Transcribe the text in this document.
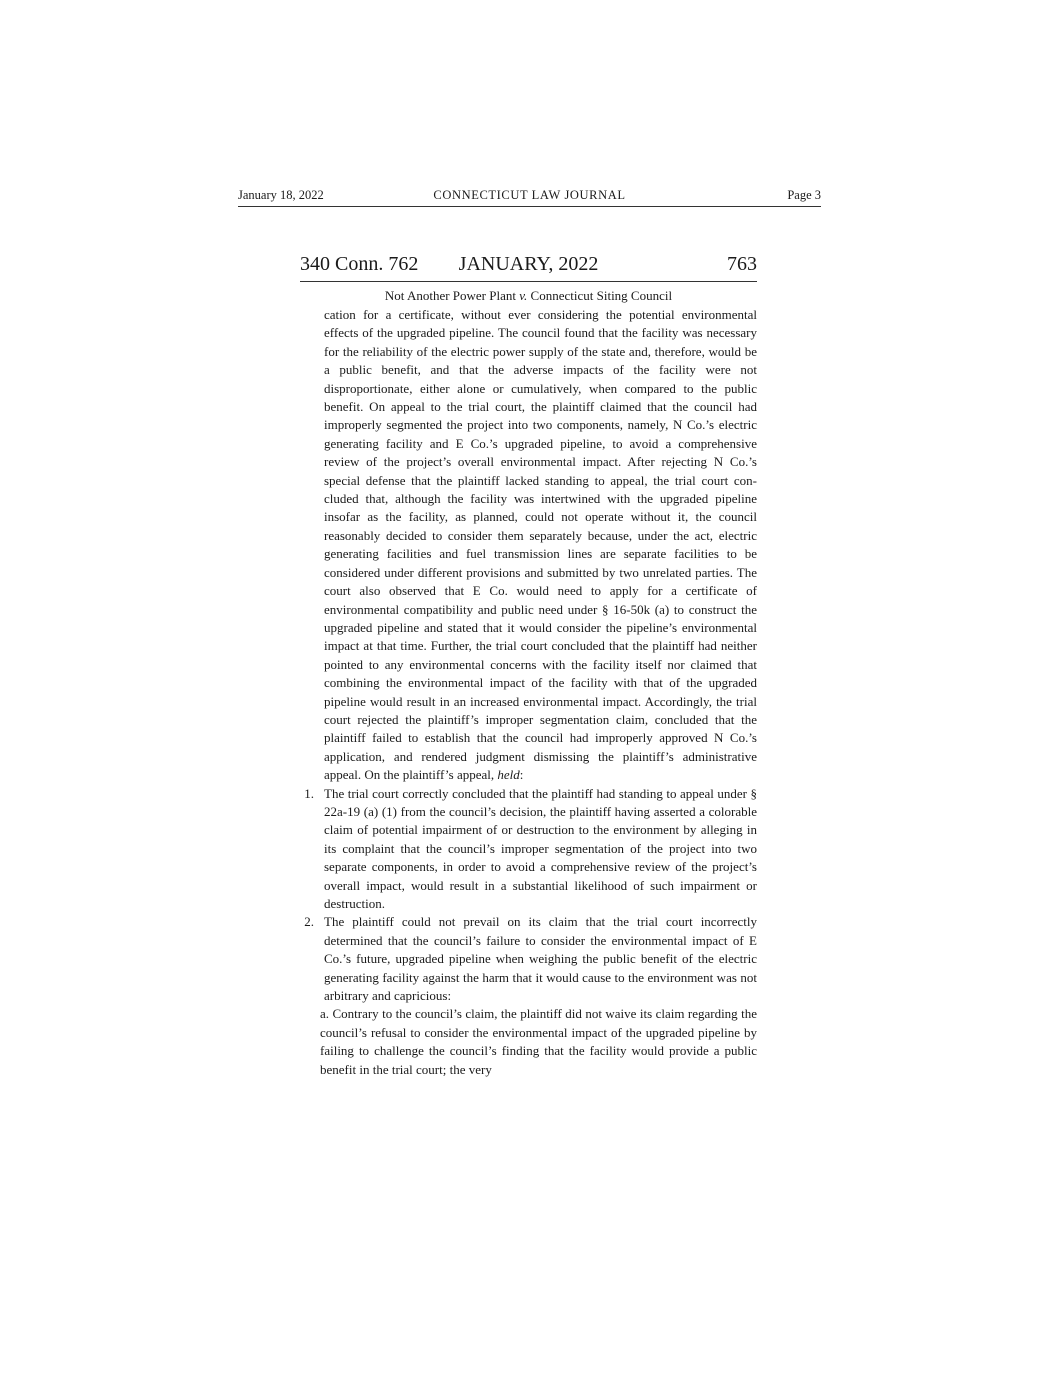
January 18, 2022	CONNECTICUT LAW JOURNAL	Page 3
340 Conn. 762	JANUARY, 2022	763
Not Another Power Plant v. Connecticut Siting Council

cation for a certificate, without ever considering the potential environmental effects of the upgraded pipeline. The council found that the facility was necessary for the reliability of the electric power supply of the state and, therefore, would be a public benefit, and that the adverse impacts of the facility were not disproportionate, either alone or cumulatively, when compared to the public benefit. On appeal to the trial court, the plaintiff claimed that the council had improperly segmented the project into two components, namely, N Co.’s electric generating facility and E Co.’s upgraded pipeline, to avoid a comprehensive review of the project’s overall environmental impact. After rejecting N Co.’s special defense that the plaintiff lacked standing to appeal, the trial court concluded that, although the facility was intertwined with the upgraded pipeline insofar as the facility, as planned, could not operate without it, the council reasonably decided to consider them separately because, under the act, electric generating facilities and fuel transmission lines are separate facilities to be considered under different provisions and submitted by two unrelated parties. The court also observed that E Co. would need to apply for a certificate of environmental compatibility and public need under § 16-50k (a) to construct the upgraded pipeline and stated that it would consider the pipeline’s environmental impact at that time. Further, the trial court concluded that the plaintiff had neither pointed to any environmental concerns with the facility itself nor claimed that combining the environmental impact of the facility with that of the upgraded pipeline would result in an increased environmental impact. Accordingly, the trial court rejected the plaintiff’s improper segmentation claim, concluded that the plaintiff failed to establish that the council had improperly approved N Co.’s application, and rendered judgment dismissing the plaintiff’s administrative appeal. On the plaintiff’s appeal, held:

1. The trial court correctly concluded that the plaintiff had standing to appeal under § 22a-19 (a) (1) from the council’s decision, the plaintiff having asserted a colorable claim of potential impairment of or destruction to the environment by alleging in its complaint that the council’s improper segmentation of the project into two separate components, in order to avoid a comprehensive review of the project’s overall impact, would result in a substantial likelihood of such impairment or destruction.

2. The plaintiff could not prevail on its claim that the trial court incorrectly determined that the council’s failure to consider the environmental impact of E Co.’s future, upgraded pipeline when weighing the public benefit of the electric generating facility against the harm that it would cause to the environment was not arbitrary and capricious:

a. Contrary to the council’s claim, the plaintiff did not waive its claim regarding the council’s refusal to consider the environmental impact of the upgraded pipeline by failing to challenge the council’s finding that the facility would provide a public benefit in the trial court; the very
